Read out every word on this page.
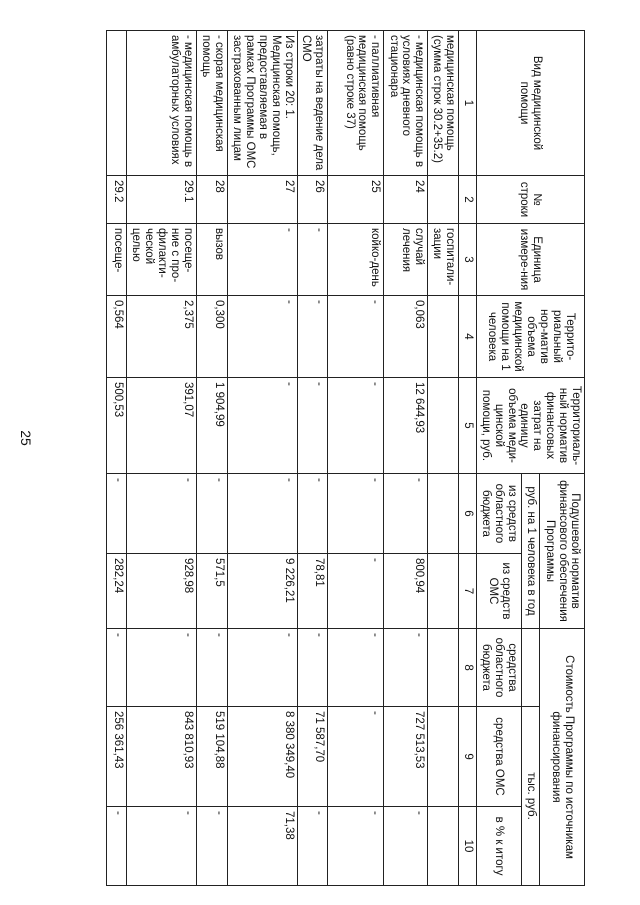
25
Вид медицинской помощи	№ строки	Единица измере-ния	Террито-риальный нор-матив объема медицинской помощи на 1 человека	Территориаль-ный норматив финансовых затрат на единицу объема меди-цинской помощи, руб.	Подушевой норматив финансового обеспечения Программы		Стоимость Программы по источникам финансирования		
					руб. на 1 человека в год			тыс. руб.	
					из средств областного бюджета	из средств ОМС	средства областного бюджета	средства ОМС	в % к итогу
1	2	3	4	5	6	7	8	9	10
медицинская помощь (сумма строк 30.2+35.2)		госпитали-зации							
- медицинская помощь в условиях дневного стационара	24	случай лечения	0,063	12 644,93	-	800,94	-	727 513,53	-
- паллиативная медицинская помощь (равно строке 37)	25	койко-день	-	-	-	-	-	-	-
затраты на ведение дела СМО	26	-	-	-	-	78,81	-	71 587,70	-
Из строки 20: 1. Медицинская помощь, предоставляемая в рамках Программы ОМС застрахованным лицам	27	-	-	-	-	9 226,21	-	8 380 349,40	71,38
- скорая медицинская помощь	28	вызов	0,300	1 904,99	-	571,5	-	519 104,88	-
- медицинская помощь в амбулаторных условиях	29.1	посеще-ние с про-филакти-ческой целью	2,375	391,07	-	928,98	-	843 810,93	-
	29.2	посеще-	0,564	500,53	-	282,24	-	256 361,43	-
